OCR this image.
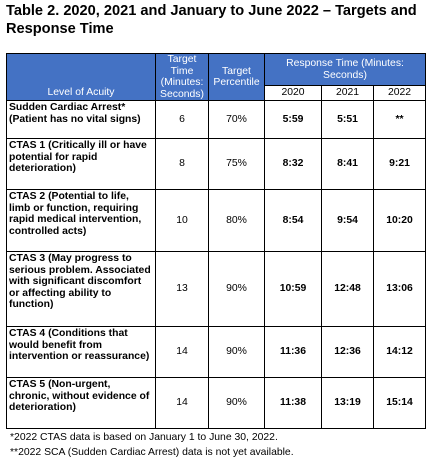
Table 2. 2020, 2021 and January to June 2022 – Targets and Response Time
Level of Acuity	Target Time (Minutes: Seconds)	Target Percentile	Response Time (Minutes: Seconds)		
			2020	2021	2022
Sudden Cardiac Arrest* (Patient has no vital signs)	6	70%	5:59	5:51	**
CTAS 1 (Critically ill or have potential for rapid deterioration)	8	75%	8:32	8:41	9:21
CTAS 2 (Potential to life, limb or function, requiring rapid medical intervention, controlled acts)	10	80%	8:54	9:54	10:20
CTAS 3 (May progress to serious problem. Associated with significant discomfort or affecting ability to function)	13	90%	10:59	12:48	13:06
CTAS 4 (Conditions that would benefit from intervention or reassurance)	14	90%	11:36	12:36	14:12
CTAS 5 (Non-urgent, chronic, without evidence of deterioration)	14	90%	11:38	13:19	15:14
*2022 CTAS data is based on January 1 to June 30, 2022.
**2022 SCA (Sudden Cardiac Arrest) data is not yet available.
